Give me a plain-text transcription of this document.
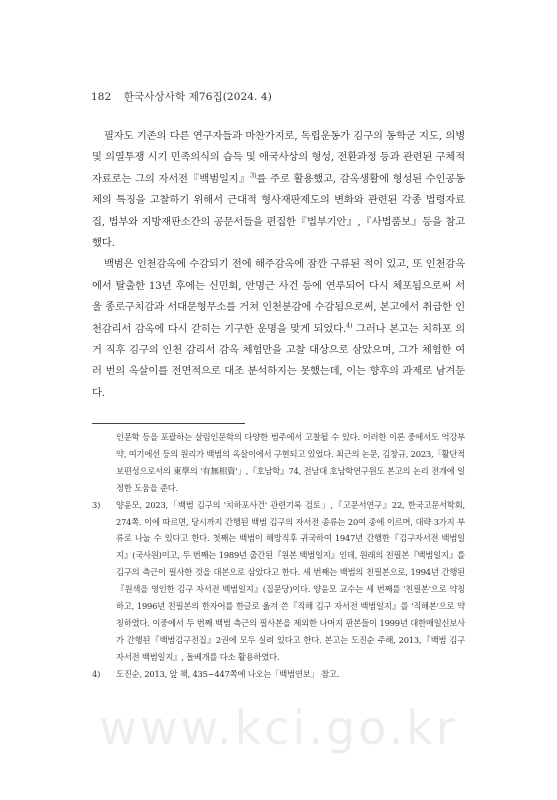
182 한국사상사학 제76집(2024. 4)

필자도 기존의 다른 연구자들과 마찬가지로, 독립운동가 김구의 동학군 지도, 의병 및 의열투쟁 시기 민족의식의 습득 및 애국사상의 형성, 전환과정 등과 관련된 구체적 자료로는 그의 자서전『백범일지』$^{3)}$를 주로 활용했고, 감옥생활에 형성된 수인공동체의 특징을 고찰하기 위해서 근대적 형사재판제도의 변화와 관련된 각종 법령자료집, 법부와 지방재판소간의 공문서들을 편집한『법부기안』,『사법품보』등을 참고했다.

백범은 인천감옥에 수감되기 전에 해주감옥에 잠깐 구류된 적이 있고, 또 인천감옥에서 탈출한 13년 후에는 신민회, 안명근 사건 등에 연루되어 다시 체포됨으로써 서울 종로구치감과 서대문형무소를 거쳐 인천분감에 수감됨으로써, 본고에서 취급한 인천감리서 감옥에 다시 갇히는 기구한 운명을 맞게 되었다.$^{4)}$ 그러나 본고는 치하포 의거 직후 김구의 인천 감리서 감옥 체험만을 고찰 대상으로 삼았으며, 그가 체험한 여러 번의 옥살이를 전면적으로 대조 분석하지는 못했는데, 이는 향후의 과제로 남겨둔다.

인문학 등을 포괄하는 살림인문학의 다양한 범주에서 고찰될 수 있다. 이러한 이론 중에서도 억강부약, 여기에선 등의 원리가 백범의 옥살이에서 구현되고 있었다. 최근의 논문, 김창규, 2023,「활단적 보편성으로서의 東學의 '有無相資'」,『호남학』74, 전남대 호남학연구원도 본고의 논리 전개에 일정한 도움을 준다.

3) 양윤모, 2023,「백범 김구의 '치하포사건' 관련기록 검토」,『고문서연구』22, 한국고문서학회, 274쪽. 이에 따르면, 당시까지 간행된 백범 김구의 자서전 종류는 20여 종에 이르며, 대략 3가지 부류로 나눌 수 있다고 한다. 첫째는 백범이 해방직후 귀국하여 1947년 간행한『김구자서전 백범일지』(국사원)이고, 두 번째는 1989년 출간된『원본 백범일지』인데, 원래의 친필본『백범일지』를 김구의 측근이 필사한 것을 대본으로 삼았다고 한다. 세 번째는 백범의 친필본으로, 1994년 간행된『원색을 영인한 김구 자서전 백범일지』(집문당)이다. 양윤모 교수는 세 번째를 '친필본'으로 약칭하고, 1996년 친필본의 한자어를 한글로 옮겨 쓴『직해 김구 자서전 백범일지』를 '직해본'으로 약칭하였다. 이중에서 두 번째 백범 측근의 필사본을 제외한 나머지 판본들이 1999년 대한매일신보사가 간행된『백범김구전집』2권에 모두 실려 있다고 한다. 본고는 도진순 주해, 2013,『백범 김구 자서전 백범일지』, 돌베개를 다소 활용하였다.

4) 도진순, 2013, 앞 책, 435~447쪽에 나오는「백범연보」 참고.

www.kci.go.kr
